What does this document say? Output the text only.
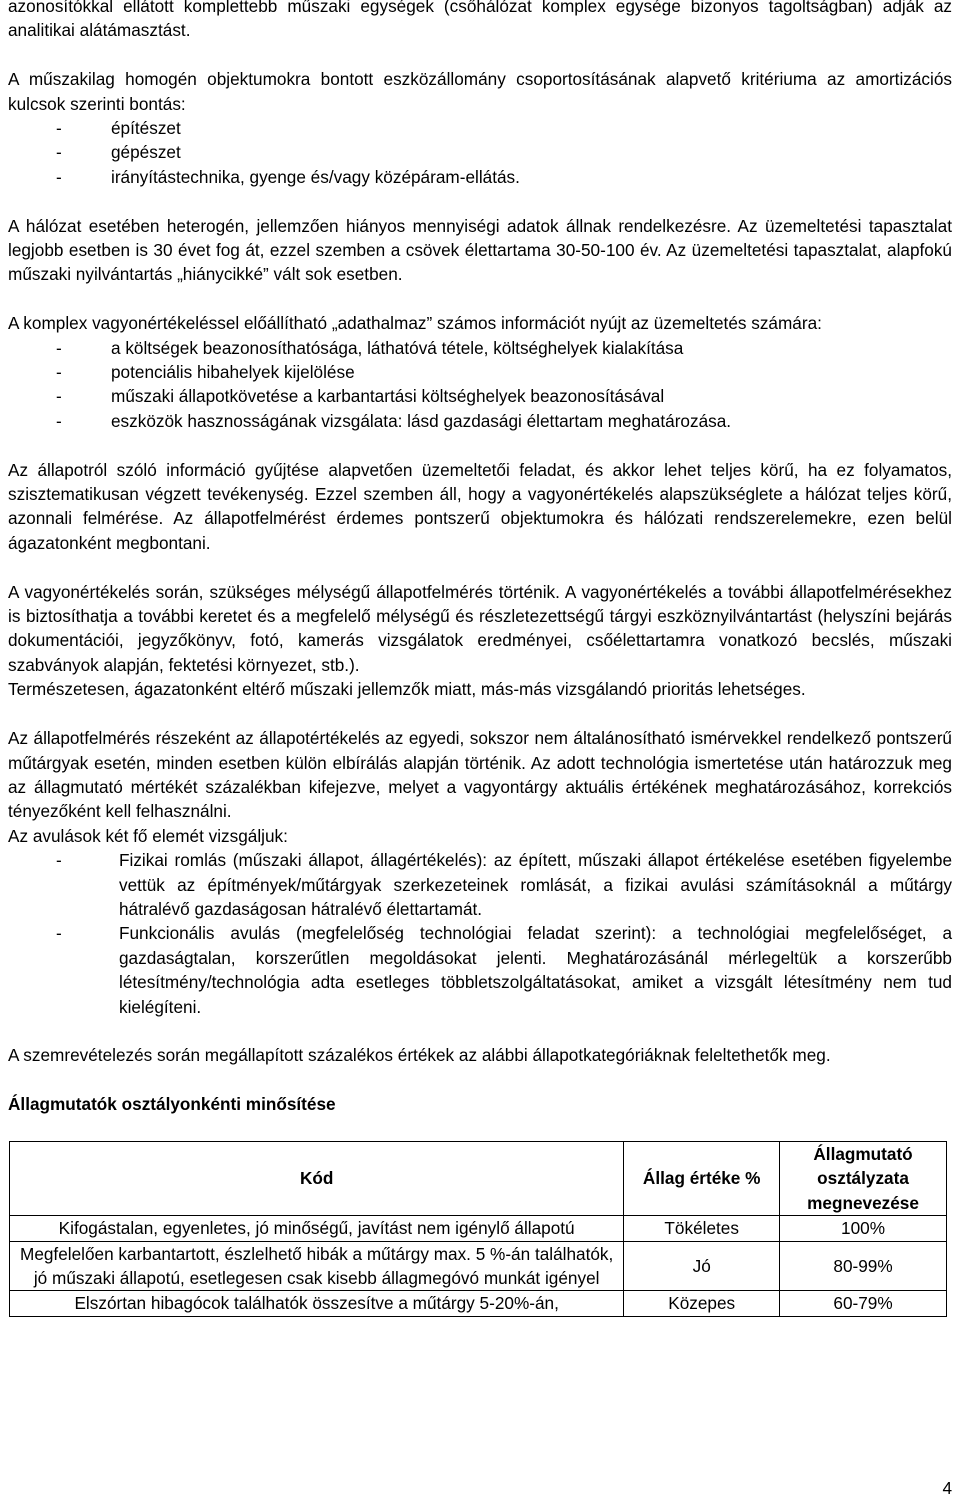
azonosítókkal ellátott komplettebb műszaki egységek (csőhálózat komplex egysége bizonyos tagoltságban) adják az analitikai alátámasztást.

A műszakilag homogén objektumokra bontott eszközállomány csoportosításának alapvető kritériuma az amortizációs kulcsok szerinti bontás:

- építészet
- gépészet
- irányítástechnika, gyenge és/vagy középáram-ellátás.

A hálózat esetében heterogén, jellemzően hiányos mennyiségi adatok állnak rendelkezésre. Az üzemeltetési tapasztalat legjobb esetben is 30 évet fog át, ezzel szemben a csövek élettartama 30-50-100 év. Az üzemeltetési tapasztalat, alapfokú műszaki nyilvántartás „hiánycikké” vált sok esetben.

A komplex vagyonértékeléssel előállítható „adathalmaz” számos információt nyújt az üzemeltetés számára:

- a költségek beazonosíthatósága, láthatóvá tétele, költséghelyek kialakítása
- potenciális hibahelyek kijelölése
- műszaki állapotkövetése a karbantartási költséghelyek beazonosításával
- eszközök hasznosságának vizsgálata: lásd gazdasági élettartam meghatározása.

Az állapotról szóló információ gyűjtése alapvetően üzemeltetői feladat, és akkor lehet teljes körű, ha ez folyamatos, szisztematikusan végzett tevékenység. Ezzel szemben áll, hogy a vagyonértékelés alapszükséglete a hálózat teljes körű, azonnali felmérése. Az állapotfelmérést érdemes pontszerű objektumokra és hálózati rendszerelemekre, ezen belül ágazatonként megbontani.

A vagyonértékelés során, szükséges mélységű állapotfelmérés történik. A vagyonértékelés a további állapotfelmérésekhez is biztosíthatja a további keretet és a megfelelő mélységű és részletezettségű tárgyi eszköznyilvántartást (helyszíni bejárás dokumentációi, jegyzőkönyv, fotó, kamerás vizsgálatok eredményei, csőélettartamra vonatkozó becslés, műszaki szabványok alapján, fektetési környezet, stb.).

Természetesen, ágazatonként eltérő műszaki jellemzők miatt, más-más vizsgálandó prioritás lehetséges.

Az állapotfelmérés részeként az állapotértékelés az egyedi, sokszor nem általánosítható ismérvekkel rendelkező pontszerű műtárgyak esetén, minden esetben külön elbírálás alapján történik. Az adott technológia ismertetése után határozzuk meg az állagmutató mértékét százalékban kifejezve, melyet a vagyontárgy aktuális értékének meghatározásához, korrekciós tényezőként kell felhasználni.

Az avulások két fő elemét vizsgáljuk:

- Fizikai romlás (műszaki állapot, állagértékelés): az épített, műszaki állapot értékelése esetében figyelembe vettük az építmények/műtárgyak szerkezeteinek romlását, a fizikai avulási számításoknál a műtárgy hátralévő gazdaságosan hátralévő élettartamát.
- Funkcionális avulás (megfelelőség technológiai feladat szerint): a technológiai megfelelőséget, a gazdaságtalan, korszerűtlen megoldásokat jelenti. Meghatározásánál mérlegeltük a korszerűbb létesítmény/technológia adta esetleges többletszolgáltatásokat, amiket a vizsgált létesítmény nem tud kielégíteni.

A szemrevételezés során megállapított százalékos értékek az alábbi állapotkategóriáknak feleltethetők meg.

Állagmutatók osztályonkénti minősítése
Kód	Állag értéke %	Állagmutató osztályzata megnevezése
Kifogástalan, egyenletes, jó minőségű, javítást nem igénylő állapotú	Tökéletes	100%
Megfelelően karbantartott, észlelhető hibák a műtárgy max. 5 %-án találhatók, jó műszaki állapotú, esetlegesen csak kisebb állagmegóvó munkát igényel	Jó	80-99%
Elszórtan hibagócok találhatók összesítve a műtárgy 5-20%-án,	Közepes	60-79%
4
